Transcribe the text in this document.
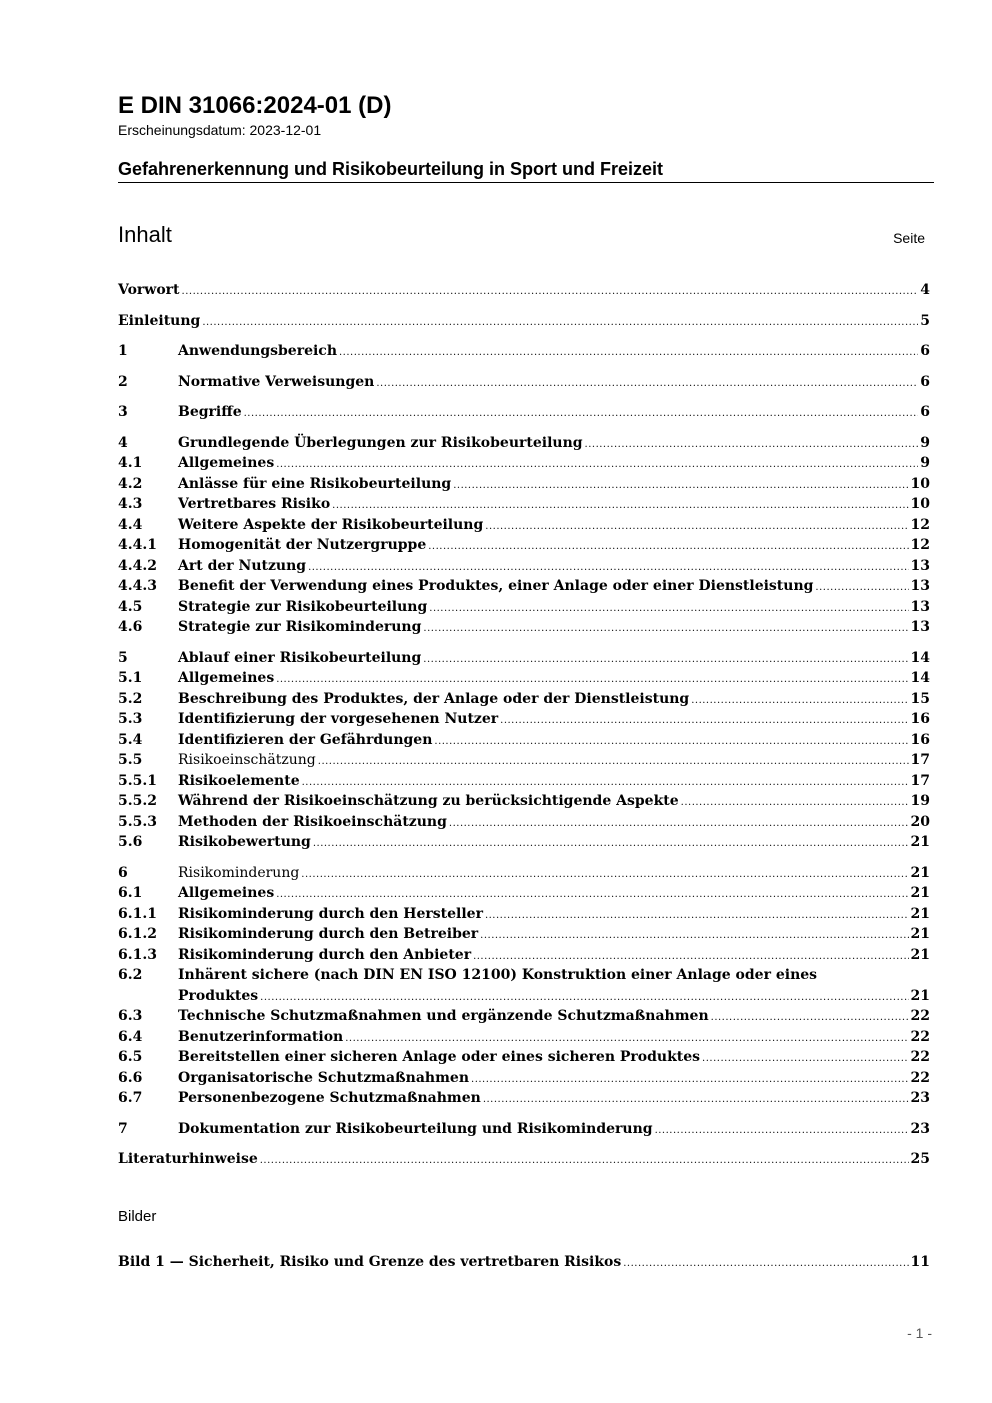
E DIN 31066:2024-01 (D)
Erscheinungsdatum: 2023-12-01
Gefahrenerkennung und Risikobeurteilung in Sport und Freizeit
Inhalt	Seite
Vorwort .....	4
Einleitung .....	5
1	Anwendungsbereich .....	6
2	Normative Verweisungen .....	6
3	Begriffe .....	6
4	Grundlegende Überlegungen zur Risikobeurteilung .....	9
4.1	Allgemeines .....	9
4.2	Anlässe für eine Risikobeurteilung .....	10
4.3	Vertretbares Risiko .....	10
4.4	Weitere Aspekte der Risikobeurteilung .....	12
4.4.1	Homogenität der Nutzergruppe .....	12
4.4.2	Art der Nutzung .....	13
4.4.3	Benefit der Verwendung eines Produktes, einer Anlage oder einer Dienstleistung .....	13
4.5	Strategie zur Risikobeurteilung .....	13
4.6	Strategie zur Risikominderung .....	13
5	Ablauf einer Risikobeurteilung .....	14
5.1	Allgemeines .....	14
5.2	Beschreibung des Produktes, der Anlage oder der Dienstleistung .....	15
5.3	Identifizierung der vorgesehenen Nutzer .....	16
5.4	Identifizieren der Gefährdungen .....	16
5.5	Risikoeinschätzung .....	17
5.5.1	Risikoelemente .....	17
5.5.2	Während der Risikoeinschätzung zu berücksichtigende Aspekte .....	19
5.5.3	Methoden der Risikoeinschätzung .....	20
5.6	Risikobewertung .....	21
6	Risikominderung .....	21
6.1	Allgemeines .....	21
6.1.1	Risikominderung durch den Hersteller .....	21
6.1.2	Risikominderung durch den Betreiber .....	21
6.1.3	Risikominderung durch den Anbieter .....	21
6.2	Inhärent sichere (nach DIN EN ISO 12100) Konstruktion einer Anlage oder eines
Produktes .....	21
6.3	Technische Schutzmaßnahmen und ergänzende Schutzmaßnahmen .....	22
6.4	Benutzerinformation .....	22
6.5	Bereitstellen einer sicheren Anlage oder eines sicheren Produktes .....	22
6.6	Organisatorische Schutzmaßnahmen .....	22
6.7	Personenbezogene Schutzmaßnahmen .....	23
7	Dokumentation zur Risikobeurteilung und Risikominderung .....	23
Literaturhinweise .....	25
Bilder
Bild 1 — Sicherheit, Risiko und Grenze des vertretbaren Risikos .....	11
- 1 -
